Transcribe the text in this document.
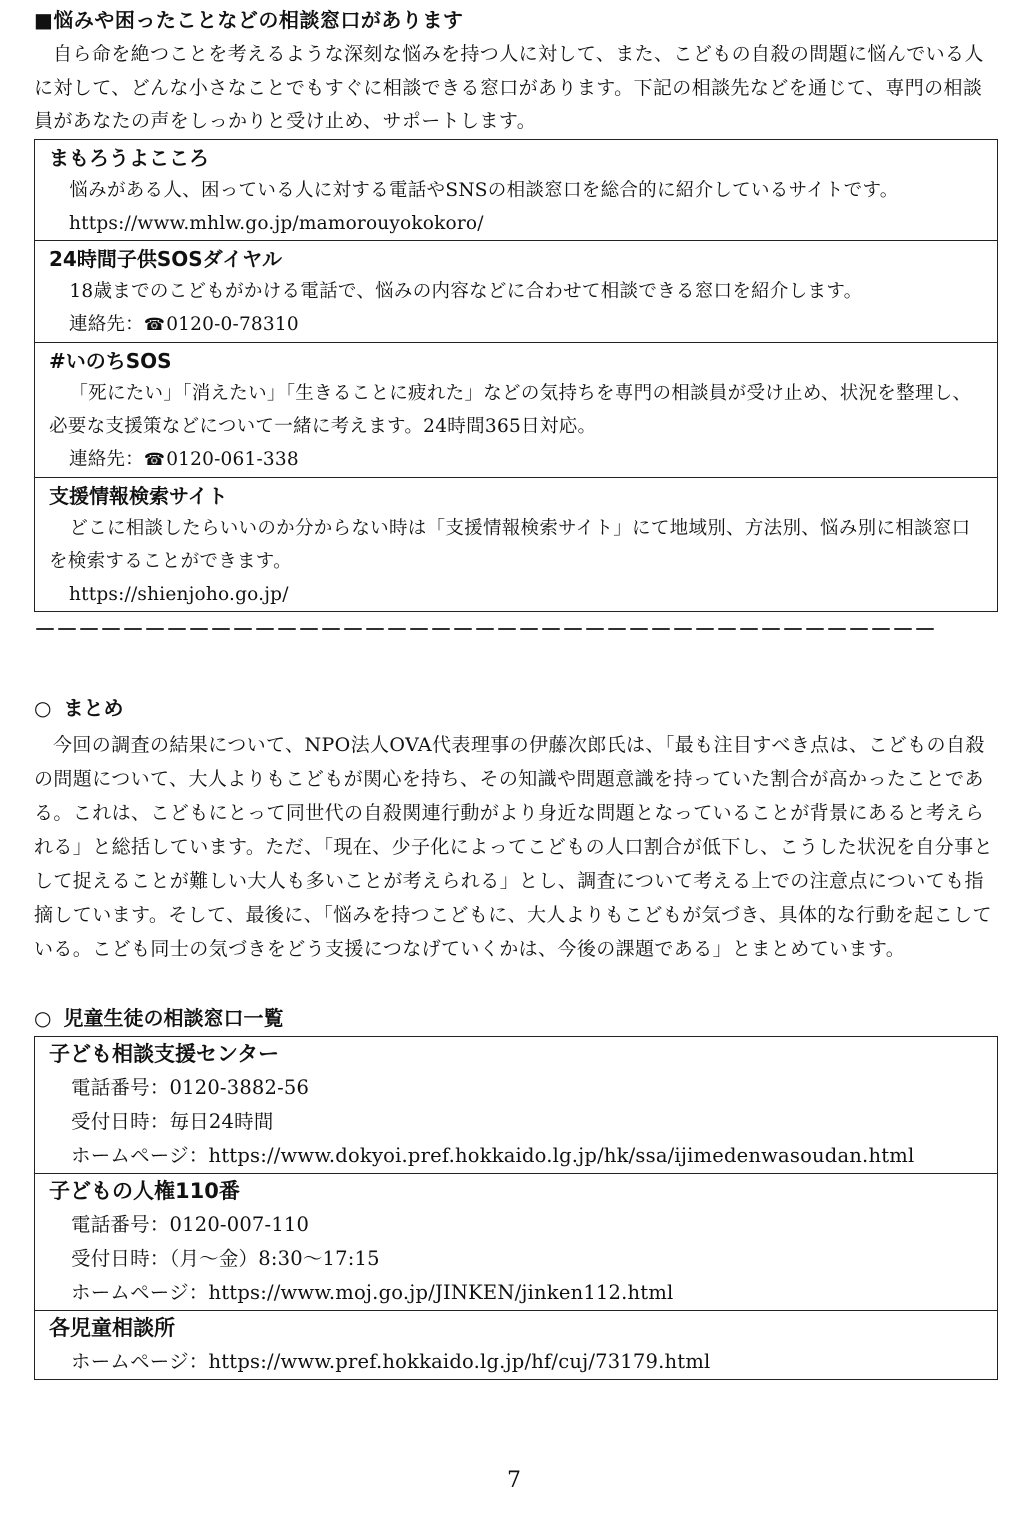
■悩みや困ったことなどの相談窓口があります

自ら命を絶つことを考えるような深刻な悩みを持つ人に対して、また、こどもの自殺の問題に悩んでいる人に対して、どんな小さなことでもすぐに相談できる窓口があります。下記の相談先などを通じて、専門の相談員があなたの声をしっかりと受け止め、サポートします。

まもろうよこころ
悩みがある人、困っている人に対する電話やSNSの相談窓口を総合的に紹介しているサイトです。
https://www.mhlw.go.jp/mamorouyokokoro/
24時間子供SOSダイヤル
18歳までのこどもがかける電話で、悩みの内容などに合わせて相談できる窓口を紹介します。
連絡先：☎0120-0-78310
#いのちSOS
「死にたい」「消えたい」「生きることに疲れた」などの気持ちを専門の相談員が受け止め、状況を整理し、必要な支援策などについて一緒に考えます。24時間365日対応。
連絡先：☎0120-061-338
支援情報検索サイト
どこに相談したらいいのか分からない時は「支援情報検索サイト」にて地域別、方法別、悩み別に相談窓口を検索することができます。
https://shienjoho.go.jp/
－－－－－－－－－－－－－－－－－－－－－－－－－－－－－－－－－－－－－－－－－
○ まとめ

今回の調査の結果について、NPO法人OVA代表理事の伊藤次郎氏は、「最も注目すべき点は、こどもの自殺の問題について、大人よりもこどもが関心を持ち、その知識や問題意識を持っていた割合が高かったことである。これは、こどもにとって同世代の自殺関連行動がより身近な問題となっていることが背景にあると考えられる」と総括しています。ただ、「現在、少子化によってこどもの人口割合が低下し、こうした状況を自分事として捉えることが難しい大人も多いことが考えられる」とし、調査について考える上での注意点についても指摘しています。そして、最後に、「悩みを持つこどもに、大人よりもこどもが気づき、具体的な行動を起こしている。こども同士の気づきをどう支援につなげていくかは、今後の課題である」とまとめています。

○ 児童生徒の相談窓口一覧
子ども相談支援センター
電話番号：0120-3882-56
受付日時：毎日24時間
ホームページ：https://www.dokyoi.pref.hokkaido.lg.jp/hk/ssa/ijimedenwasoudan.html
子どもの人権110番
電話番号：0120-007-110
受付日時：（月～金）8:30～17:15
ホームページ：https://www.moj.go.jp/JINKEN/jinken112.html
各児童相談所
ホームページ：https://www.pref.hokkaido.lg.jp/hf/cuj/73179.html
7
